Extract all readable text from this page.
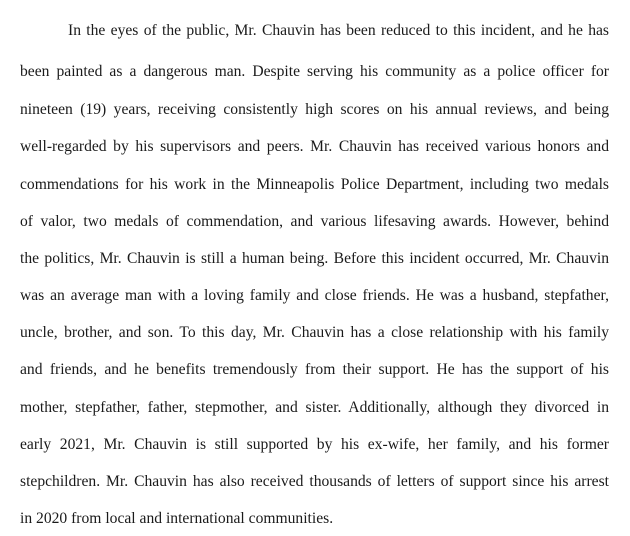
In the eyes of the public, Mr. Chauvin has been reduced to this incident, and he has
been painted as a dangerous man. Despite serving his community as a police officer for
nineteen (19) years, receiving consistently high scores on his annual reviews, and being
well-regarded by his supervisors and peers. Mr. Chauvin has received various honors and
commendations for his work in the Minneapolis Police Department, including two medals
of valor, two medals of commendation, and various lifesaving awards. However, behind
the politics, Mr. Chauvin is still a human being. Before this incident occurred, Mr. Chauvin
was an average man with a loving family and close friends. He was a husband, stepfather,
uncle, brother, and son. To this day, Mr. Chauvin has a close relationship with his family
and friends, and he benefits tremendously from their support. He has the support of his
mother, stepfather, father, stepmother, and sister. Additionally, although they divorced in
early 2021, Mr. Chauvin is still supported by his ex-wife, her family, and his former
stepchildren. Mr. Chauvin has also received thousands of letters of support since his arrest
in 2020 from local and international communities.
